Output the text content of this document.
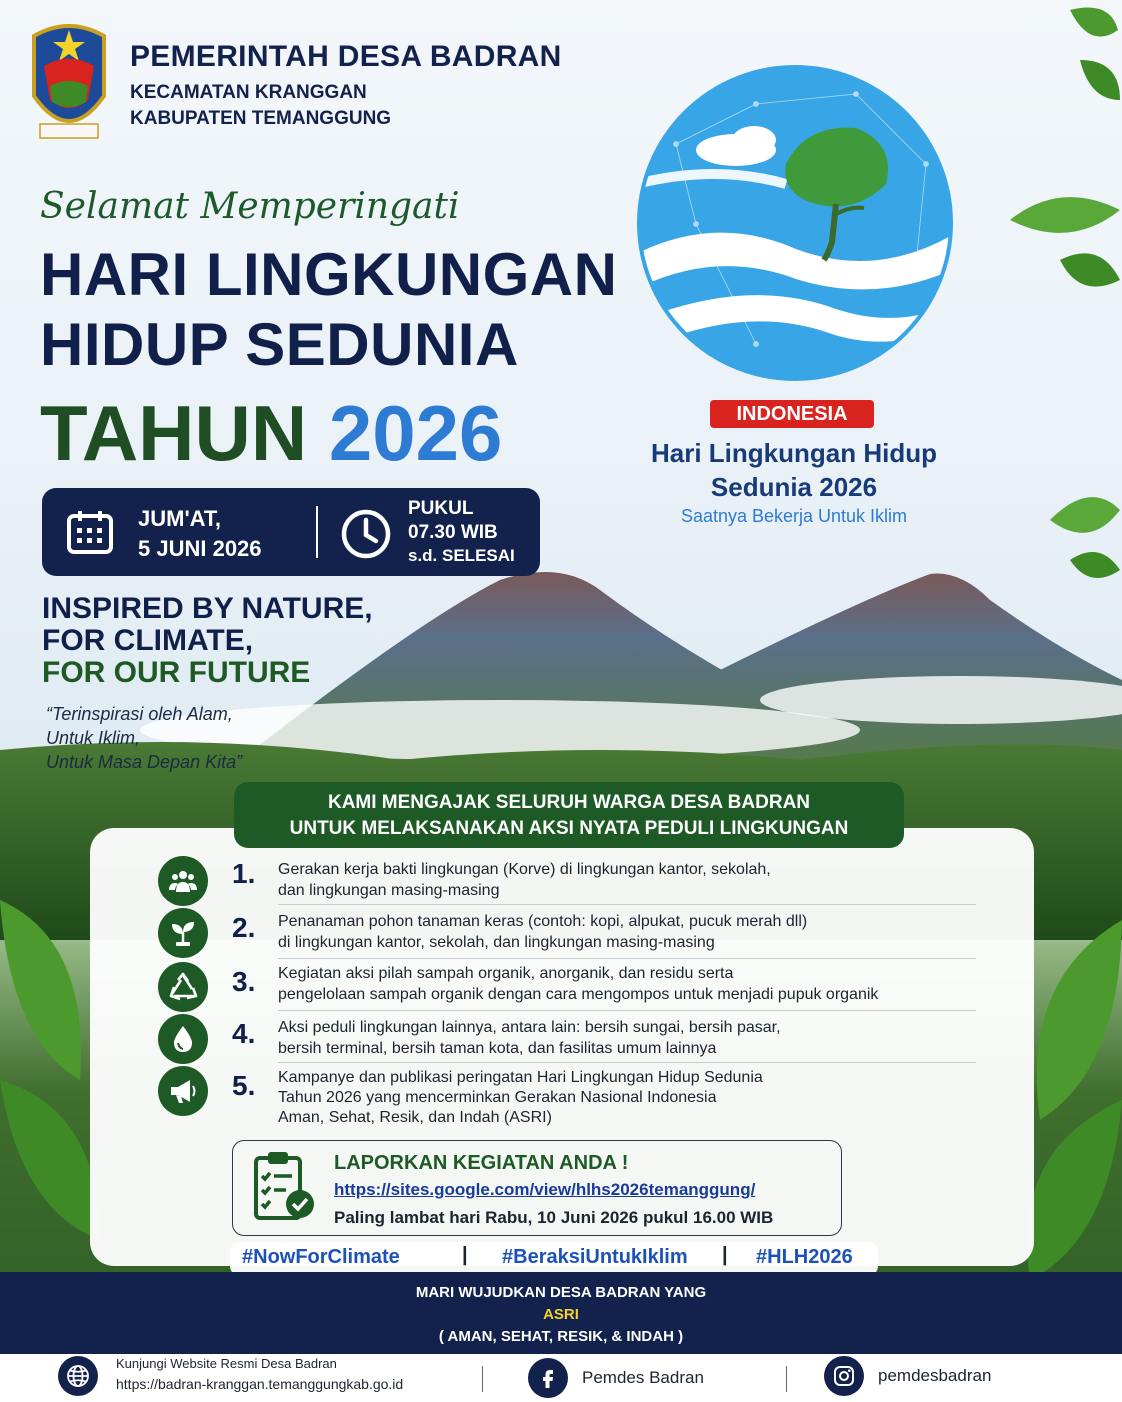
PEMERINTAH DESA BADRAN
KECAMATAN KRANGGAN
KABUPATEN TEMANGGUNG
Selamat Memperingati
HARI LINGKUNGAN
HIDUP SEDUNIA
TAHUN 2026
JUM'AT,
5 JUNI 2026
PUKUL
07.30 WIB
s.d. SELESAI
INSPIRED BY NATURE,
FOR CLIMATE,
FOR OUR FUTURE
“Terinspirasi oleh Alam,
Untuk Iklim,
Untuk Masa Depan Kita”
INDONESIA
Hari Lingkungan Hidup
Sedunia 2026
Saatnya Bekerja Untuk Iklim
KAMI MENGAJAK SELURUH WARGA DESA BADRAN
UNTUK MELAKSANAKAN AKSI NYATA PEDULI LINGKUNGAN
1. Gerakan kerja bakti lingkungan (Korve) di lingkungan kantor, sekolah,
dan lingkungan masing-masing
2. Penanaman pohon tanaman keras (contoh: kopi, alpukat, pucuk merah dll)
di lingkungan kantor, sekolah, dan lingkungan masing-masing
3. Kegiatan aksi pilah sampah organik, anorganik, dan residu serta
pengelolaan sampah organik dengan cara mengompos untuk menjadi pupuk organik
4. Aksi peduli lingkungan lainnya, antara lain: bersih sungai, bersih pasar,
bersih terminal, bersih taman kota, dan fasilitas umum lainnya
5. Kampanye dan publikasi peringatan Hari Lingkungan Hidup Sedunia
Tahun 2026 yang mencerminkan Gerakan Nasional Indonesia
Aman, Sehat, Resik, dan Indah (ASRI)
LAPORKAN KEGIATAN ANDA !
https://sites.google.com/view/hlhs2026temanggung/
Paling lambat hari Rabu, 10 Juni 2026 pukul 16.00 WIB
#NowForClimate	| #BeraksiUntukIklim | #HLH2026
MARI WUJUDKAN DESA BADRAN YANG
ASRI
( AMAN, SEHAT, RESIK, & INDAH )
Kunjungi Website Resmi Desa Badran
https://badran-kranggan.temanggungkab.go.id	Pemdes Badran	pemdesbadran
